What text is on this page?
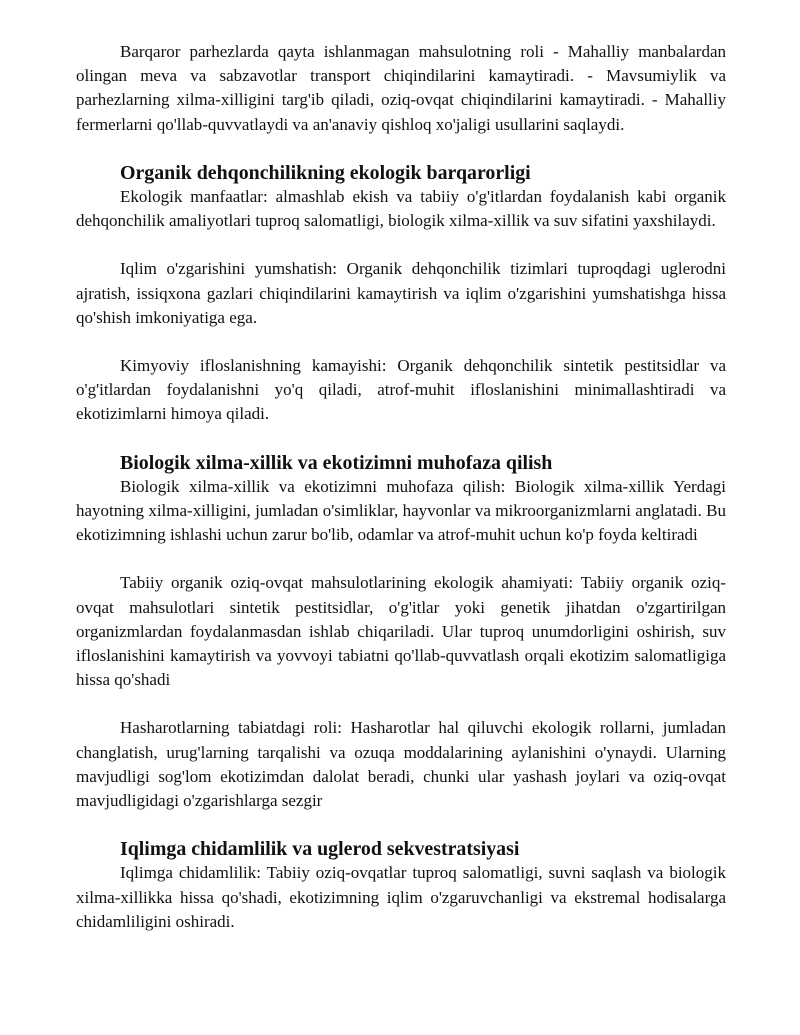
Barqaror parhezlarda qayta ishlanmagan mahsulotning roli - Mahalliy manbalardan olingan meva va sabzavotlar transport chiqindilarini kamaytiradi. - Mavsumiylik va parhezlarning xilma-xilligini targ'ib qiladi, oziq-ovqat chiqindilarini kamaytiradi. - Mahalliy fermerlarni qo'llab-quvvatlaydi va an'anaviy qishloq xo'jaligi usullarini saqlaydi.

Organik dehqonchilikning ekologik barqarorligi

Ekologik manfaatlar: almashlab ekish va tabiiy o'g'itlardan foydalanish kabi organik dehqonchilik amaliyotlari tuproq salomatligi, biologik xilma-xillik va suv sifatini yaxshilaydi.

Iqlim o'zgarishini yumshatish: Organik dehqonchilik tizimlari tuproqdagi uglerodni ajratish, issiqxona gazlari chiqindilarini kamaytirish va iqlim o'zgarishini yumshatishga hissa qo'shish imkoniyatiga ega.

Kimyoviy ifloslanishning kamayishi: Organik dehqonchilik sintetik pestitsidlar va o'g'itlardan foydalanishni yo'q qiladi, atrof-muhit ifloslanishini minimallashtiradi va ekotizimlarni himoya qiladi.

Biologik xilma-xillik va ekotizimni muhofaza qilish

Biologik xilma-xillik va ekotizimni muhofaza qilish: Biologik xilma-xillik Yerdagi hayotning xilma-xilligini, jumladan o'simliklar, hayvonlar va mikroorganizmlarni anglatadi. Bu ekotizimning ishlashi uchun zarur bo'lib, odamlar va atrof-muhit uchun ko'p foyda keltiradi

Tabiiy organik oziq-ovqat mahsulotlarining ekologik ahamiyati: Tabiiy organik oziq-ovqat mahsulotlari sintetik pestitsidlar, o'g'itlar yoki genetik jihatdan o'zgartirilgan organizmlardan foydalanmasdan ishlab chiqariladi. Ular tuproq unumdorligini oshirish, suv ifloslanishini kamaytirish va yovvoyi tabiatni qo'llab-quvvatlash orqali ekotizim salomatligiga hissa qo'shadi

Hasharotlarning tabiatdagi roli: Hasharotlar hal qiluvchi ekologik rollarni, jumladan changlatish, urug'larning tarqalishi va ozuqa moddalarining aylanishini o'ynaydi. Ularning mavjudligi sog'lom ekotizimdan dalolat beradi, chunki ular yashash joylari va oziq-ovqat mavjudligidagi o'zgarishlarga sezgir

Iqlimga chidamlilik va uglerod sekvestratsiyasi

Iqlimga chidamlilik: Tabiiy oziq-ovqatlar tuproq salomatligi, suvni saqlash va biologik xilma-xillikka hissa qo'shadi, ekotizimning iqlim o'zgaruvchanligi va ekstremal hodisalarga chidamliligini oshiradi.
